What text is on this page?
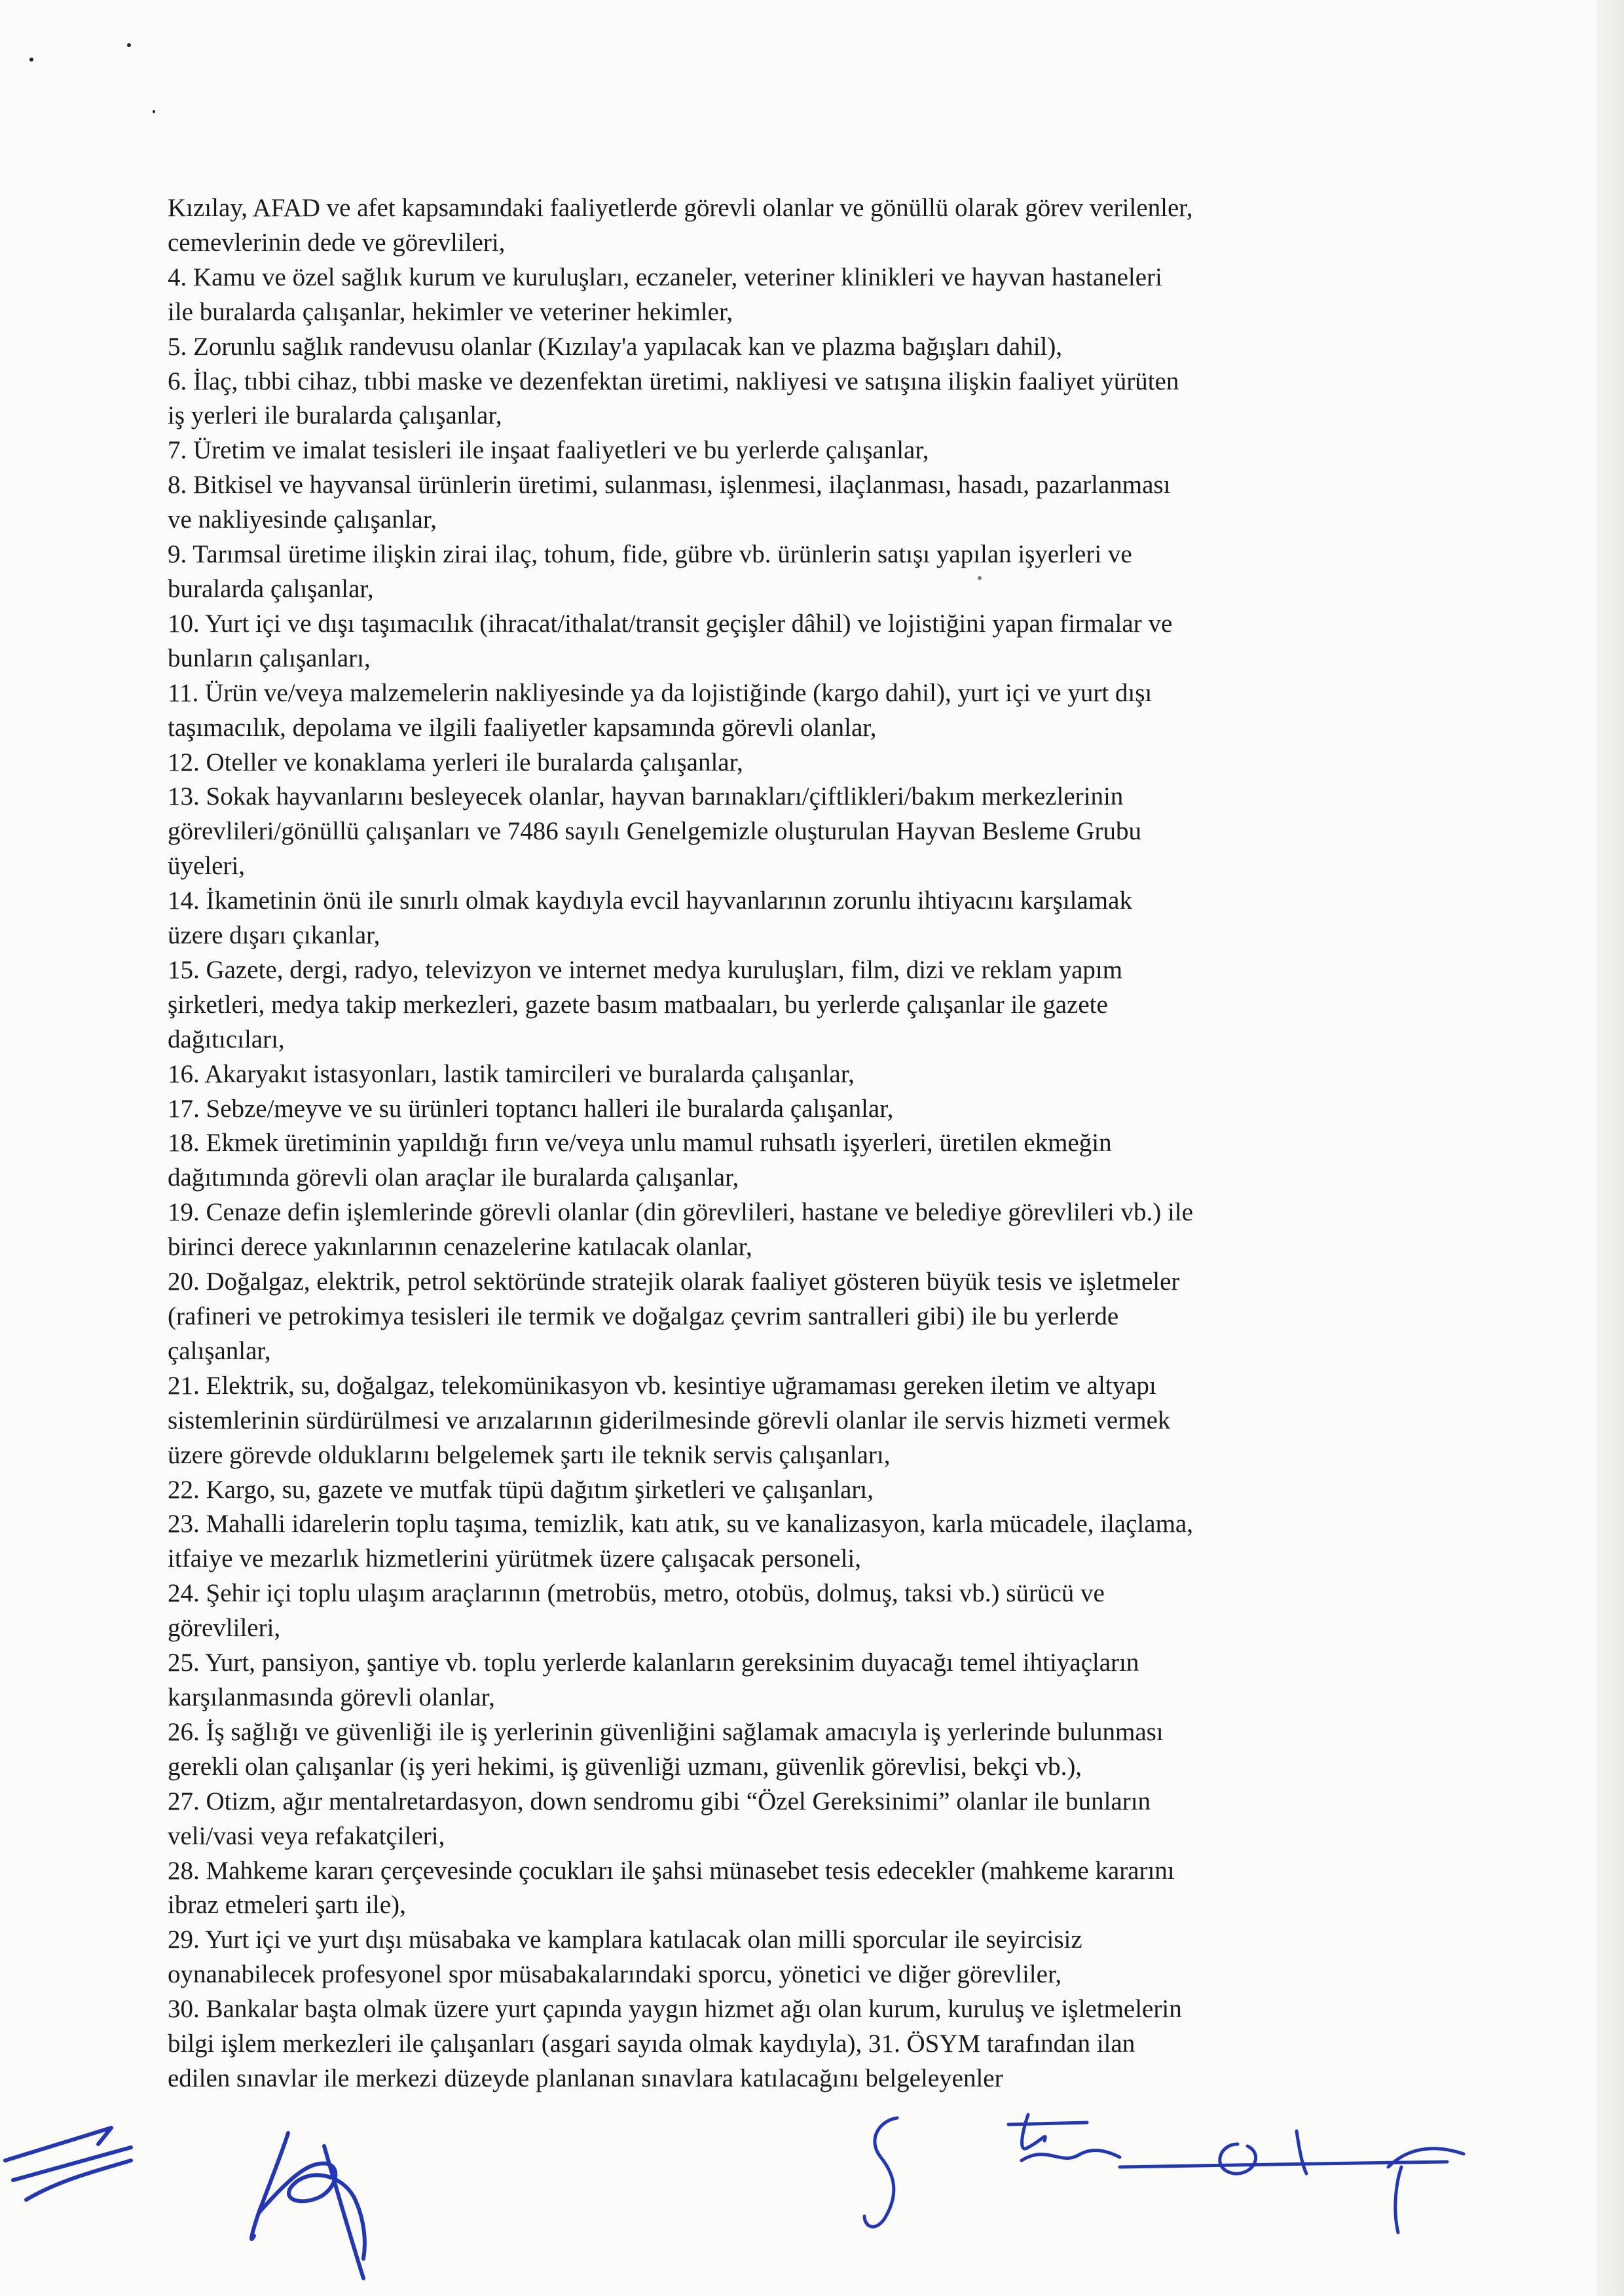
Kızılay, AFAD ve afet kapsamındaki faaliyetlerde görevli olanlar ve gönüllü olarak görev verilenler,

cemevlerinin dede ve görevlileri,

4. Kamu ve özel sağlık kurum ve kuruluşları, eczaneler, veteriner klinikleri ve hayvan hastaneleri

ile buralarda çalışanlar, hekimler ve veteriner hekimler,

5. Zorunlu sağlık randevusu olanlar (Kızılay'a yapılacak kan ve plazma bağışları dahil),

6. İlaç, tıbbi cihaz, tıbbi maske ve dezenfektan üretimi, nakliyesi ve satışına ilişkin faaliyet yürüten

iş yerleri ile buralarda çalışanlar,

7. Üretim ve imalat tesisleri ile inşaat faaliyetleri ve bu yerlerde çalışanlar,

8. Bitkisel ve hayvansal ürünlerin üretimi, sulanması, işlenmesi, ilaçlanması, hasadı, pazarlanması

ve nakliyesinde çalışanlar,

9. Tarımsal üretime ilişkin zirai ilaç, tohum, fide, gübre vb. ürünlerin satışı yapılan işyerleri ve

buralarda çalışanlar,

10. Yurt içi ve dışı taşımacılık (ihracat/ithalat/transit geçişler dâhil) ve lojistiğini yapan firmalar ve

bunların çalışanları,

11. Ürün ve/veya malzemelerin nakliyesinde ya da lojistiğinde (kargo dahil), yurt içi ve yurt dışı

taşımacılık, depolama ve ilgili faaliyetler kapsamında görevli olanlar,

12. Oteller ve konaklama yerleri ile buralarda çalışanlar,

13. Sokak hayvanlarını besleyecek olanlar, hayvan barınakları/çiftlikleri/bakım merkezlerinin

görevlileri/gönüllü çalışanları ve 7486 sayılı Genelgemizle oluşturulan Hayvan Besleme Grubu

üyeleri,

14. İkametinin önü ile sınırlı olmak kaydıyla evcil hayvanlarının zorunlu ihtiyacını karşılamak

üzere dışarı çıkanlar,

15. Gazete, dergi, radyo, televizyon ve internet medya kuruluşları, film, dizi ve reklam yapım

şirketleri, medya takip merkezleri, gazete basım matbaaları, bu yerlerde çalışanlar ile gazete

dağıtıcıları,

16. Akaryakıt istasyonları, lastik tamircileri ve buralarda çalışanlar,

17. Sebze/meyve ve su ürünleri toptancı halleri ile buralarda çalışanlar,

18. Ekmek üretiminin yapıldığı fırın ve/veya unlu mamul ruhsatlı işyerleri, üretilen ekmeğin

dağıtımında görevli olan araçlar ile buralarda çalışanlar,

19. Cenaze defin işlemlerinde görevli olanlar (din görevlileri, hastane ve belediye görevlileri vb.) ile

birinci derece yakınlarının cenazelerine katılacak olanlar,

20. Doğalgaz, elektrik, petrol sektöründe stratejik olarak faaliyet gösteren büyük tesis ve işletmeler

(rafineri ve petrokimya tesisleri ile termik ve doğalgaz çevrim santralleri gibi) ile bu yerlerde

çalışanlar,

21. Elektrik, su, doğalgaz, telekomünikasyon vb. kesintiye uğramaması gereken iletim ve altyapı

sistemlerinin sürdürülmesi ve arızalarının giderilmesinde görevli olanlar ile servis hizmeti vermek

üzere görevde olduklarını belgelemek şartı ile teknik servis çalışanları,

22. Kargo, su, gazete ve mutfak tüpü dağıtım şirketleri ve çalışanları,

23. Mahalli idarelerin toplu taşıma, temizlik, katı atık, su ve kanalizasyon, karla mücadele, ilaçlama,

itfaiye ve mezarlık hizmetlerini yürütmek üzere çalışacak personeli,

24. Şehir içi toplu ulaşım araçlarının (metrobüs, metro, otobüs, dolmuş, taksi vb.) sürücü ve

görevlileri,

25. Yurt, pansiyon, şantiye vb. toplu yerlerde kalanların gereksinim duyacağı temel ihtiyaçların

karşılanmasında görevli olanlar,

26. İş sağlığı ve güvenliği ile iş yerlerinin güvenliğini sağlamak amacıyla iş yerlerinde bulunması

gerekli olan çalışanlar (iş yeri hekimi, iş güvenliği uzmanı, güvenlik görevlisi, bekçi vb.),

27. Otizm, ağır mentalretardasyon, down sendromu gibi “Özel Gereksinimi” olanlar ile bunların

veli/vasi veya refakatçileri,

28. Mahkeme kararı çerçevesinde çocukları ile şahsi münasebet tesis edecekler (mahkeme kararını

ibraz etmeleri şartı ile),

29. Yurt içi ve yurt dışı müsabaka ve kamplara katılacak olan milli sporcular ile seyircisiz

oynanabilecek profesyonel spor müsabakalarındaki sporcu, yönetici ve diğer görevliler,

30. Bankalar başta olmak üzere yurt çapında yaygın hizmet ağı olan kurum, kuruluş ve işletmelerin

bilgi işlem merkezleri ile çalışanları (asgari sayıda olmak kaydıyla), 31. ÖSYM tarafından ilan

edilen sınavlar ile merkezi düzeyde planlanan sınavlara katılacağını belgeleyenler
